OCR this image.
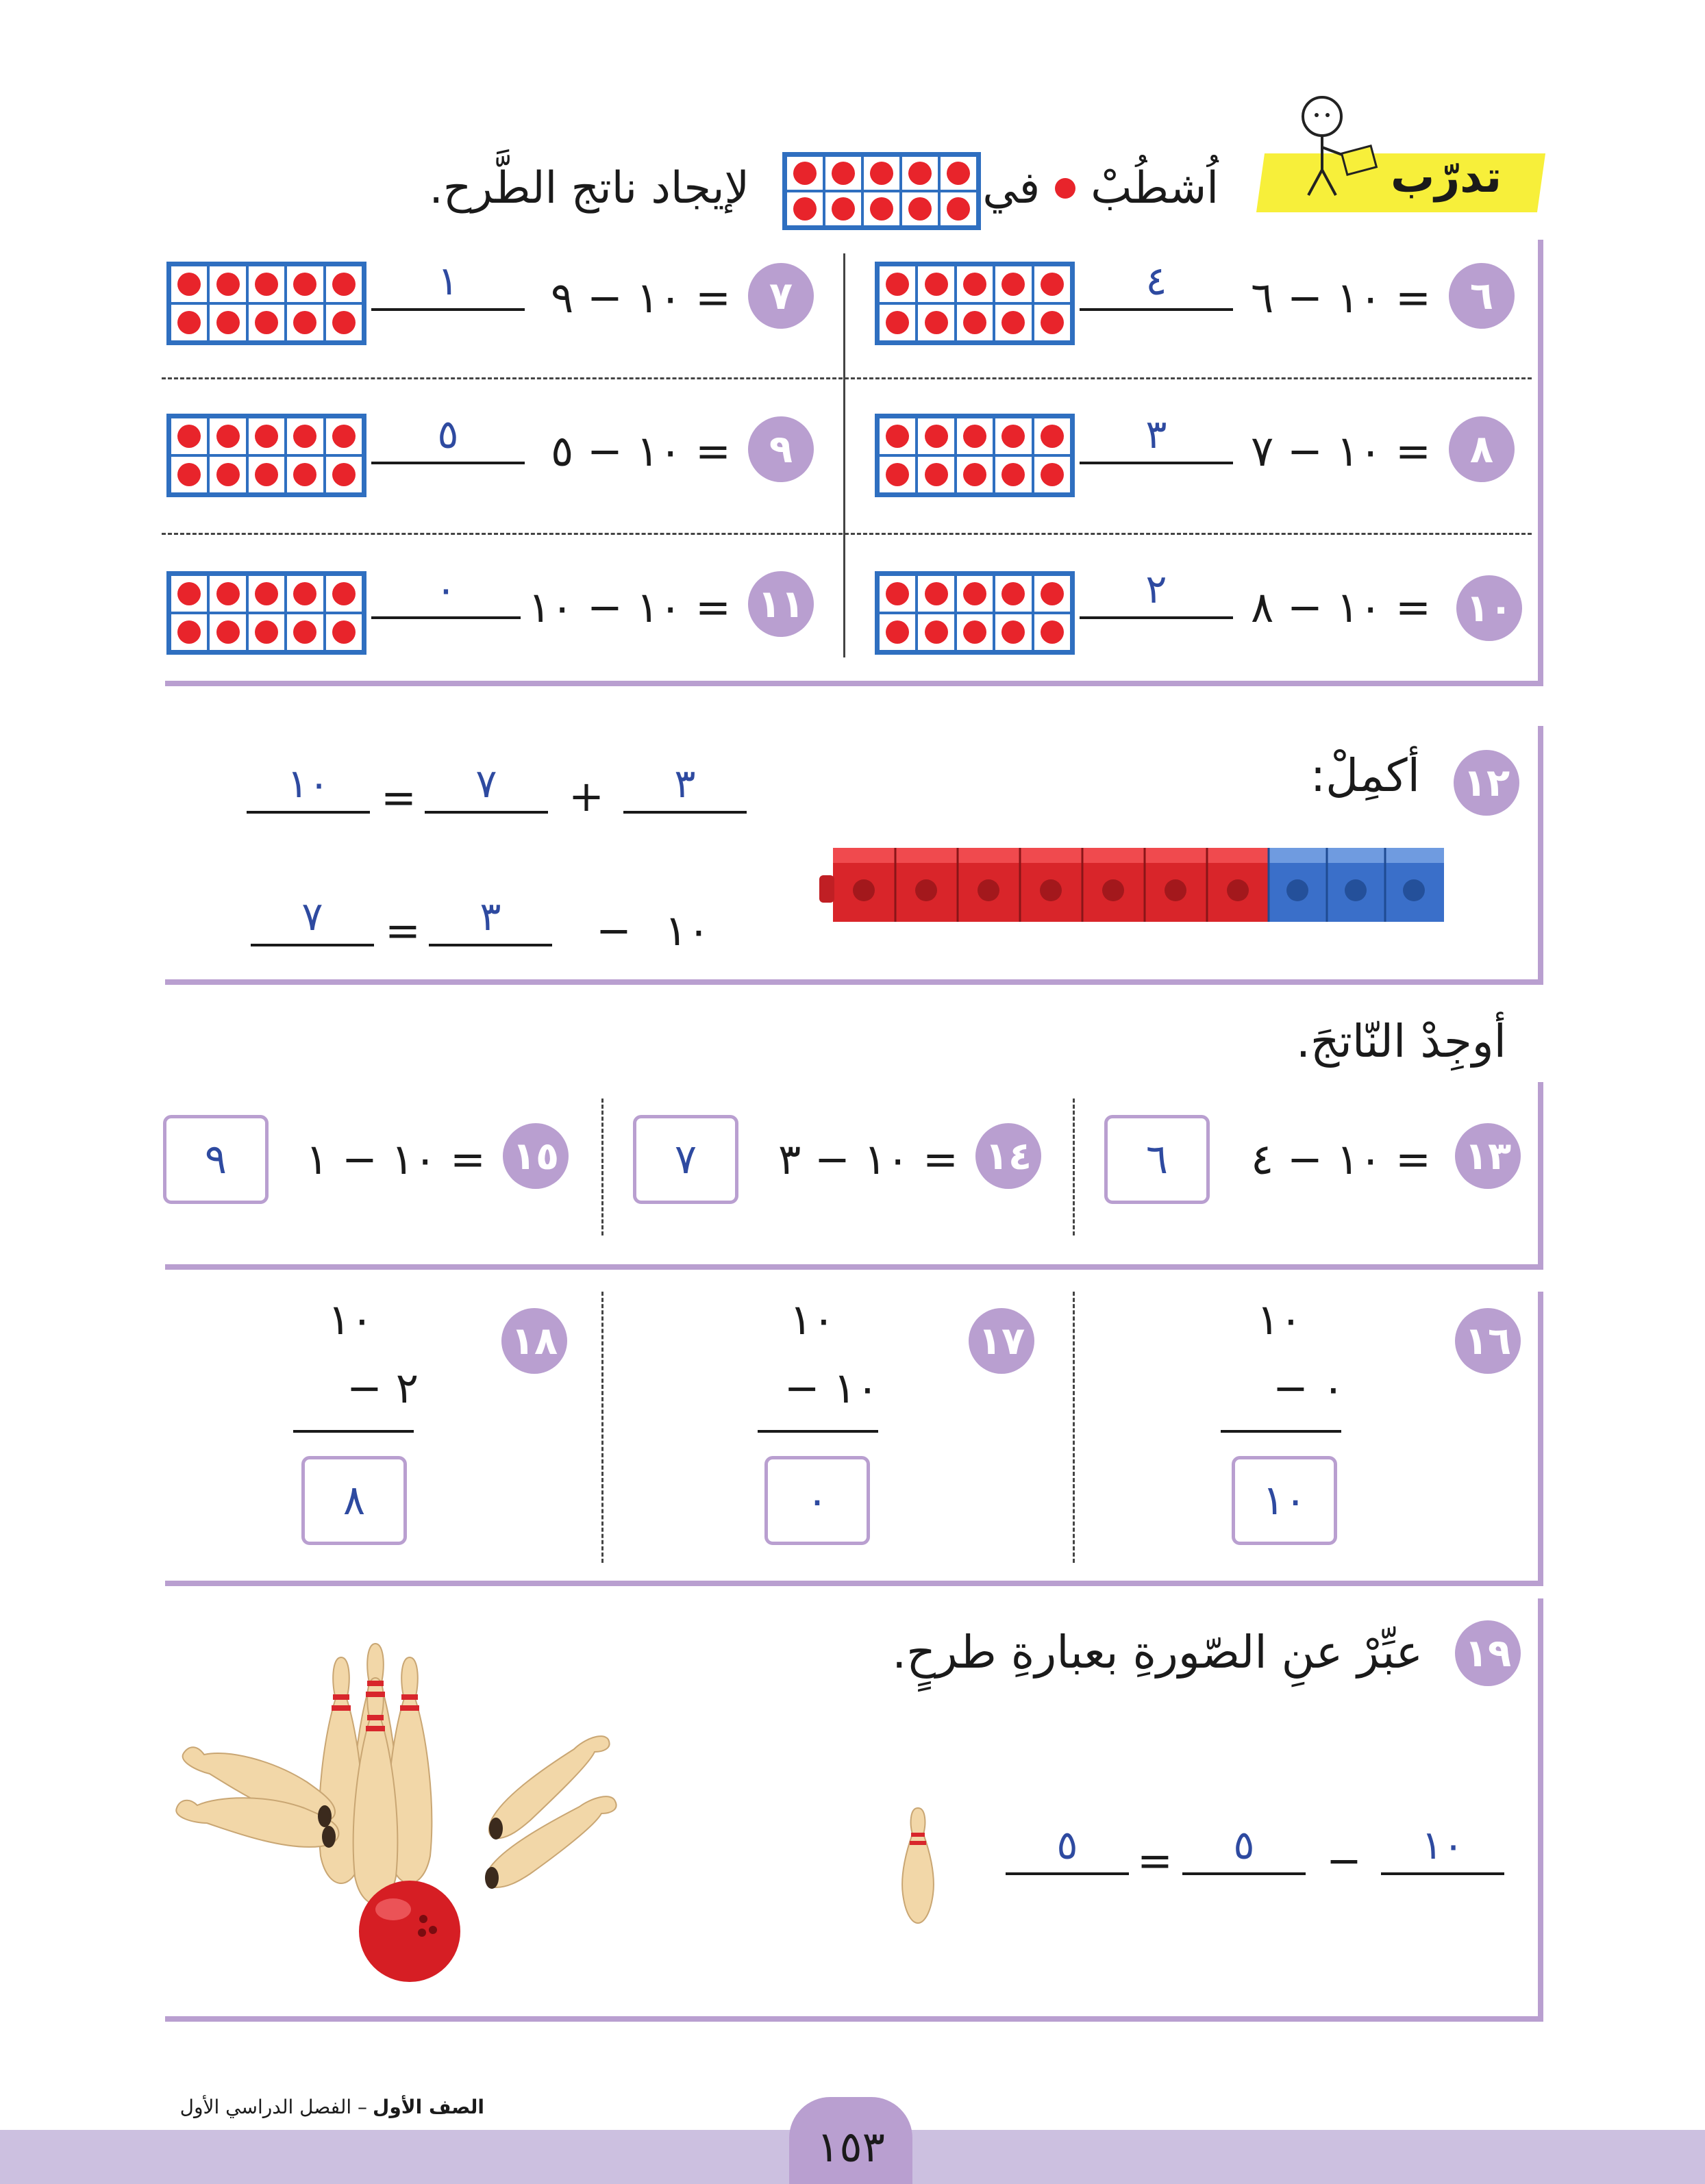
تدرّب
اُشطُبْ
في
لإيجاد ناتج الطَّرح.
٦
١٠ − ٦ =
٤
٧
١٠ − ٩ =
١
٨
١٠ − ٧ =
٣
٩
١٠ − ٥ =
٥
١٠
١٠ − ٨ =
٢
١١
١٠ − ١٠ =
٠
١٢
أكمِلْ:
١٠	=	٧	+	٣
٧	=	٣	− ١٠
أوجِدْ النّاتجَ.
١٣
١٠ − ٤ =
٦
١٤
١٠ − ٣ =
٧
١٥
١٠ − ١ =
٩
١٦
١٠
− ٠
١٠
١٧
١٠
− ١٠
٠
١٨
١٠
− ٢
٨
١٩
عبِّرْ عنِ الصّورةِ بعبارةِ طرحٍ.
١٠
−
٥
=
٥
١٥٣
الصف الأول
– الفصل الدراسي الأول
